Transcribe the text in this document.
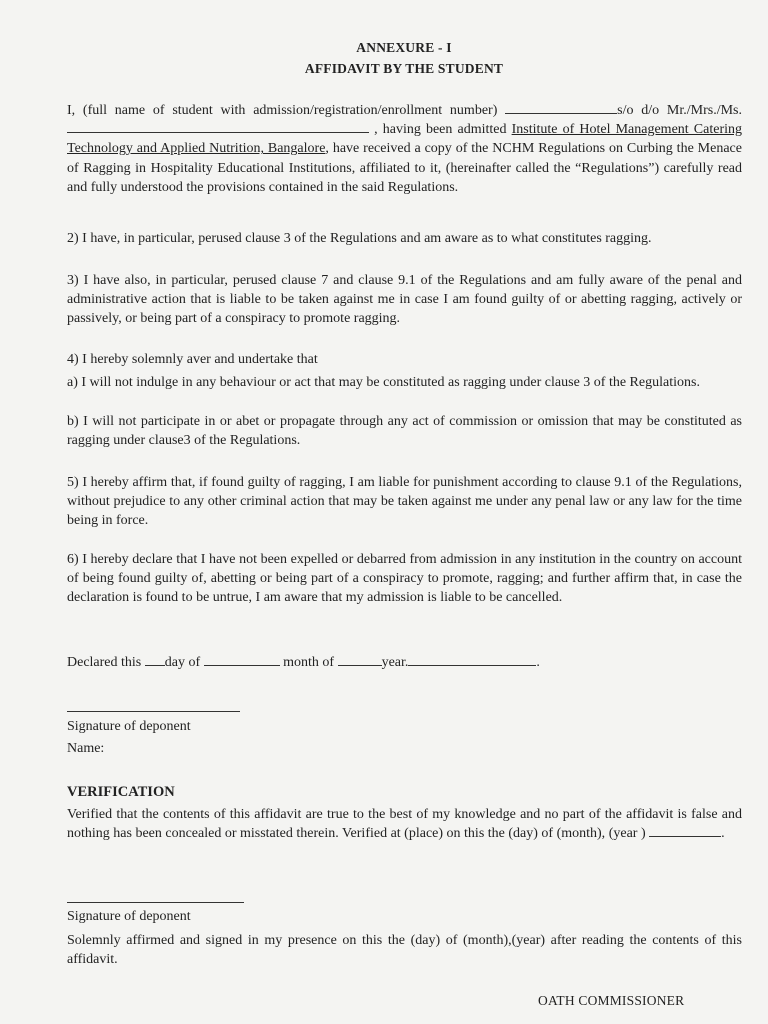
ANNEXURE - I
AFFIDAVIT BY THE STUDENT
I, (full name of student with admission/registration/enrollment number)	s/o d/o Mr./Mrs./Ms.  , having been admitted Institute of Hotel Management Catering Technology and Applied Nutrition, Bangalore, have received a copy of the NCHM Regulations on Curbing the Menace of Ragging in Hospitality Educational Institutions, affiliated to it, (hereinafter called the “Regulations”) carefully read and fully understood the provisions contained in the said Regulations.
2) I have, in particular, perused clause 3 of the Regulations and am aware as to what constitutes ragging.
3) I have also, in particular, perused clause 7 and clause 9.1 of the Regulations and am fully aware of the penal and administrative action that is liable to be taken against me in case I am found guilty of or abetting ragging, actively or passively, or being part of a conspiracy to promote ragging.
4) I hereby solemnly aver and undertake that
a) I will not indulge in any behaviour or act that may be constituted as ragging under clause 3 of the Regulations.
b) I will not participate in or abet or propagate through any act of commission or omission that may be constituted as ragging under clause3 of the Regulations.
5) I hereby affirm that, if found guilty of ragging, I am liable for punishment according to clause 9.1 of the Regulations, without prejudice to any other criminal action that may be taken against me under any penal law or any law for the time being in force.
6) I hereby declare that I have not been expelled or debarred from admission in any institution in the country on account of being found guilty of, abetting or being part of a conspiracy to promote, ragging; and further affirm that, in case the declaration is found to be untrue, I am aware that my admission is liable to be cancelled.
Declared this day of	month of	year.	.
Signature of deponent
Name:
VERIFICATION
Verified that the contents of this affidavit are true to the best of my knowledge and no part of the affidavit is false and nothing has been concealed or misstated therein. Verified at (place) on this the (day) of (month), (year )	.
Signature of deponent
Solemnly affirmed and signed in my presence on this the (day) of (month),(year) after reading the contents of this affidavit.
OATH COMMISSIONER
